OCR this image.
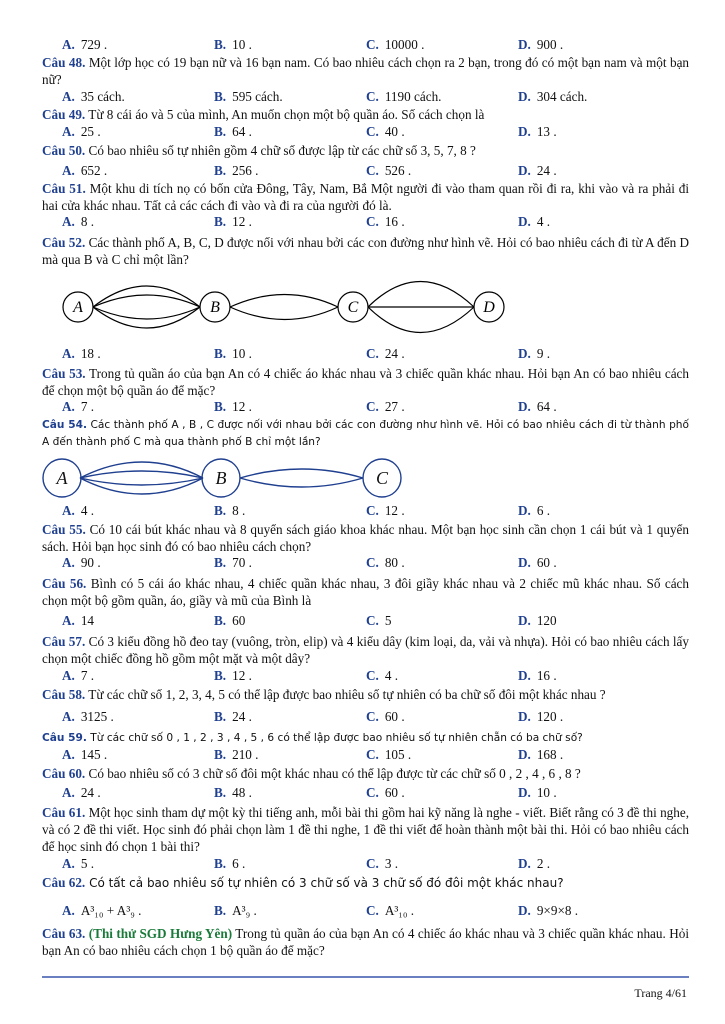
A. 729 .	B. 10 .	C. 10000 .	D. 900 .
Câu 48. Một lớp học có 19 bạn nữ và 16 bạn nam. Có bao nhiêu cách chọn ra 2 bạn, trong đó có một bạn nam và một bạn nữ?
A. 35 cách.	B. 595 cách.	C. 1190 cách.	D. 304 cách.
Câu 49. Từ 8 cái áo và 5 của mình, An muốn chọn một bộ quần áo. Số cách chọn là
A. 25 .	B. 64 .	C. 40 .	D. 13 .
Câu 50. Có bao nhiêu số tự nhiên gồm 4 chữ số được lập từ các chữ số 3, 5, 7, 8 ?
A. 652 .	B. 256 .	C. 526 .	D. 24 .
Câu 51. Một khu di tích nọ có bốn cửa Đông, Tây, Nam, Bắ Một người đi vào tham quan rồi đi ra, khi vào và ra phải đi hai cửa khác nhau. Tất cả các cách đi vào và đi ra của người đó là.
A. 8 .	B. 12 .	C. 16 .	D. 4 .
Câu 52. Các thành phố A, B, C, D được nối với nhau bởi các con đường như hình vẽ. Hỏi có bao nhiêu cách đi từ A đến D mà qua B và C chỉ một lần?
A	B	C	D
A. 18 .	B. 10 .	C. 24 .	D. 9 .
Câu 53. Trong tủ quần áo của bạn An có 4 chiếc áo khác nhau và 3 chiếc quần khác nhau. Hỏi bạn An có bao nhiêu cách để chọn một bộ quần áo để mặc?
A. 7 .	B. 12 .	C. 27 .	D. 64 .
Câu 54. Các thành phố A , B , C được nối với nhau bởi các con đường như hình vẽ. Hỏi có bao nhiêu cách đi từ thành phố A đến thành phố C mà qua thành phố B chỉ một lần?
A	B	C
A. 4 .	B. 8 .	C. 12 .	D. 6 .
Câu 55. Có 10 cái bút khác nhau và 8 quyển sách giáo khoa khác nhau. Một bạn học sinh cần chọn 1 cái bút và 1 quyển sách. Hỏi bạn học sinh đó có bao nhiêu cách chọn?
A. 90 .	B. 70 .	C. 80 .	D. 60 .
Câu 56. Bình có 5 cái áo khác nhau, 4 chiếc quần khác nhau, 3 đôi giầy khác nhau và 2 chiếc mũ khác nhau. Số cách chọn một bộ gồm quần, áo, giầy và mũ của Bình là
A. 14	B. 60	C. 5	D. 120
Câu 57. Có 3 kiểu đồng hồ đeo tay (vuông, tròn, elip) và 4 kiểu dây (kim loại, da, vải và nhựa). Hỏi có bao nhiêu cách lấy chọn một chiếc đồng hồ gồm một mặt và một dây?
A. 7 .	B. 12 .	C. 4 .	D. 16 .
Câu 58. Từ các chữ số 1, 2, 3, 4, 5 có thể lập được bao nhiêu số tự nhiên có ba chữ số đôi một khác nhau ?
A. 3125 .	B. 24 .	C. 60 .	D. 120 .
Câu 59. Từ các chữ số 0 , 1 , 2 , 3 , 4 , 5 , 6 có thể lập được bao nhiêu số tự nhiên chẵn có ba chữ số?
A. 145 .	B. 210 .	C. 105 .	D. 168 .
Câu 60. Có bao nhiêu số có 3 chữ số đôi một khác nhau có thể lập được từ các chữ số 0 , 2 , 4 , 6 , 8 ?
A. 24 .	B. 48 .	C. 60 .	D. 10 .
Câu 61. Một học sinh tham dự một kỳ thi tiếng anh, mỗi bài thi gồm hai kỹ năng là nghe - viết. Biết rằng có 3 đề thi nghe, và có 2 đề thi viết. Học sinh đó phải chọn làm 1 đề thi nghe, 1 đề thi viết để hoàn thành một bài thi. Hỏi có bao nhiêu cách để học sinh đó chọn 1 bài thi?
A. 5 .	B. 6 .	C. 3 .	D. 2 .
Câu 62. Có tất cả bao nhiêu số tự nhiên có 3 chữ số và 3 chữ số đó đôi một khác nhau?
A. A³₁₀ + A³₉ .	B. A³₉ .	C. A³₁₀ .	D. 9×9×8 .
Câu 63. (Thi thử SGD Hưng Yên) Trong tủ quần áo của bạn An có 4 chiếc áo khác nhau và 3 chiếc quần khác nhau. Hỏi bạn An có bao nhiêu cách chọn 1 bộ quần áo để mặc?
Trang 4/61
